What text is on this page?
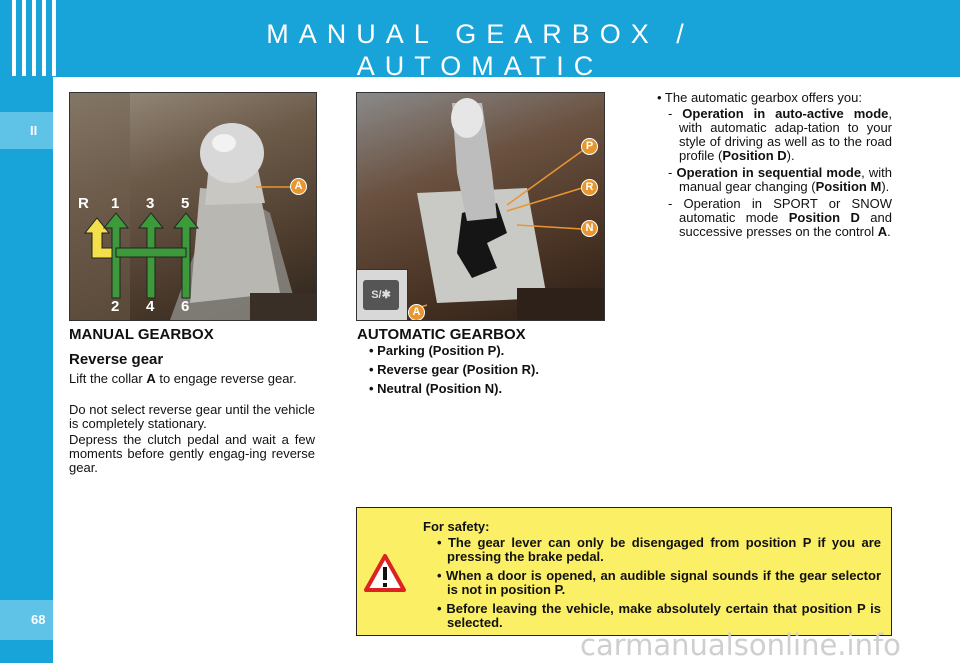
MANUAL GEARBOX / AUTOMATIC
II
68
A
R 1 3 5
2 4 6
S/✱
P
R
N
A
MANUAL GEARBOX
Reverse gear
Lift the collar A to engage reverse gear.
Do not select reverse gear until the vehicle is completely stationary.
Depress the clutch pedal and wait a few moments before gently engag-ing reverse gear.
AUTOMATIC GEARBOX
• Parking (Position P).
• Reverse gear (Position R).
• Neutral (Position N).
• The automatic gearbox offers you:
- Operation in auto-active mode, with automatic adap-tation to your style of driving as well as to the road profile (Position D).
- Operation in sequential mode, with manual gear changing (Position M).
- Operation in SPORT or SNOW automatic mode Position D and successive presses on the control A.
For safety:
• The gear lever can only be disengaged from position P if you are pressing the brake pedal.
• When a door is opened, an audible signal sounds if the gear selector is not in position P.
• Before leaving the vehicle, make absolutely certain that position P is selected.
carmanualsonline.info
